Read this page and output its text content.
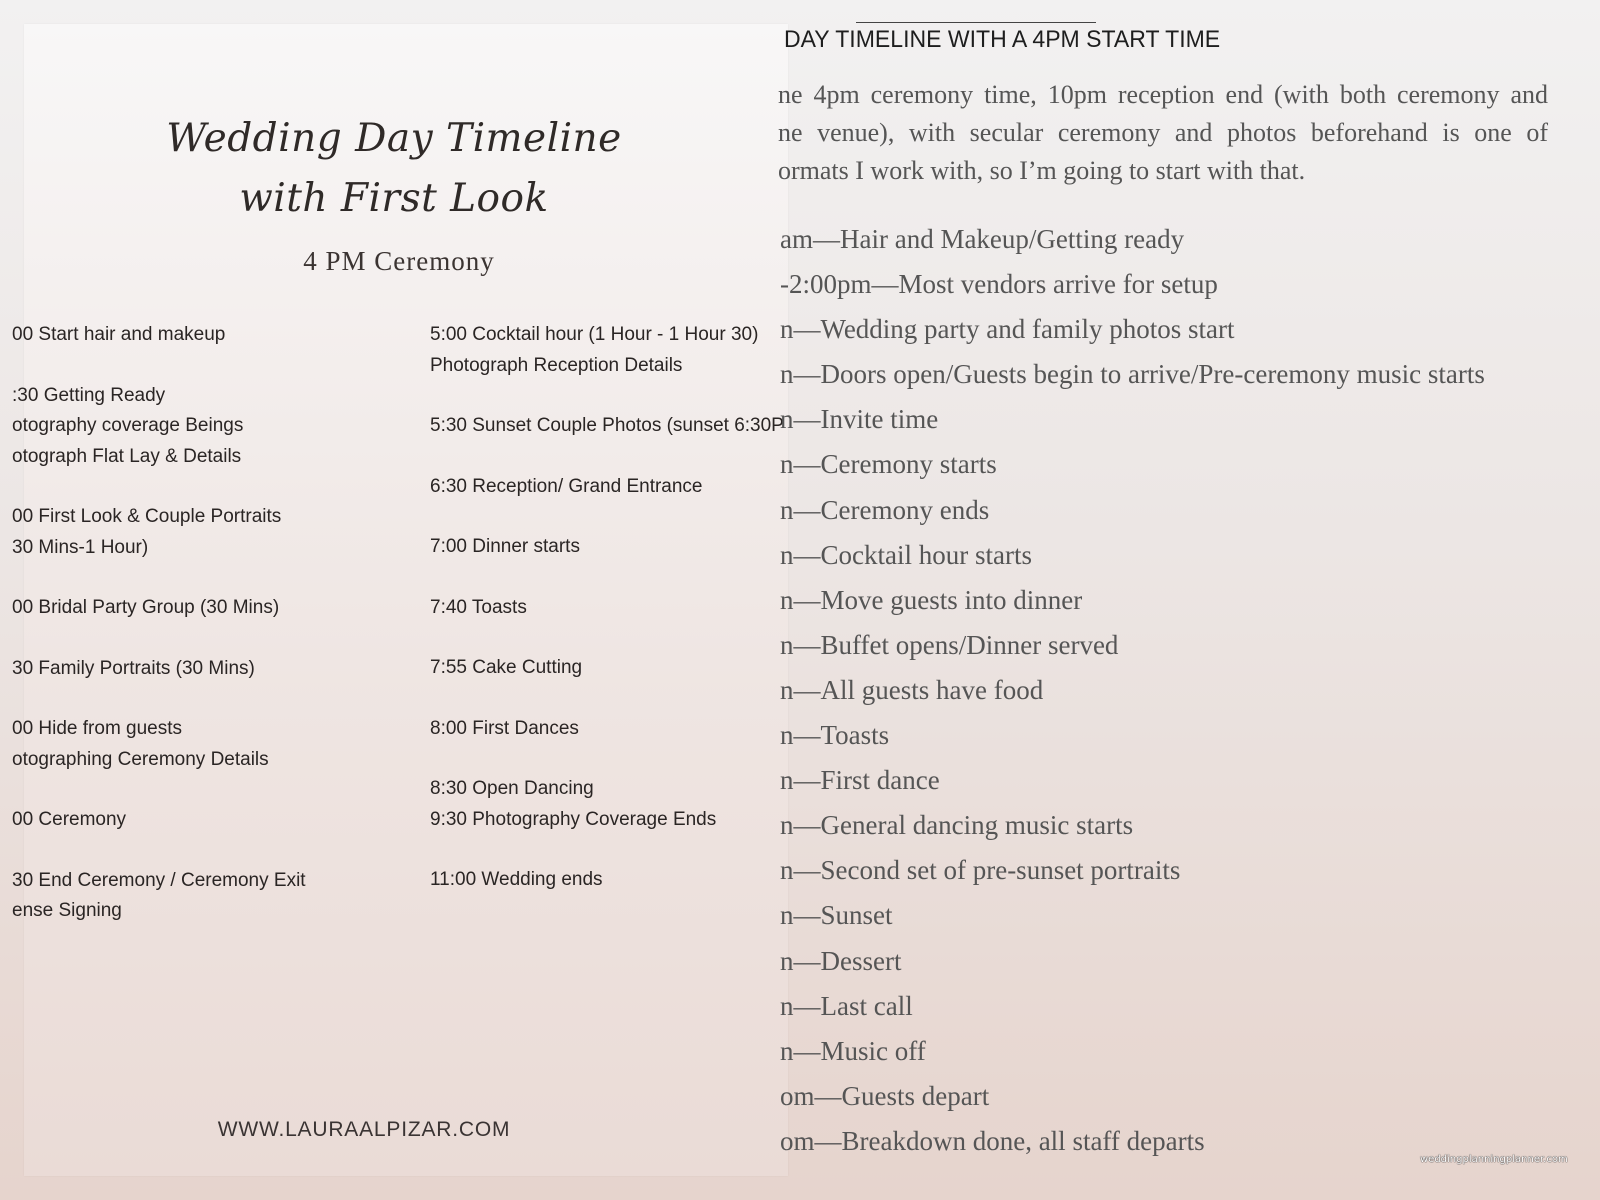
Wedding Day Timeline
with First Look
4 PM Ceremony
00 Start hair and makeup
:30 Getting Ready
otography coverage Beings
otograph Flat Lay & Details
00 First Look & Couple Portraits
30 Mins-1 Hour)
00 Bridal Party Group (30 Mins)
30 Family Portraits (30 Mins)
00 Hide from guests
otographing Ceremony Details
00 Ceremony
30 End Ceremony / Ceremony Exit
ense Signing
5:00 Cocktail hour (1 Hour - 1 Hour 30)
Photograph Reception Details
5:30 Sunset Couple Photos (sunset 6:30P
6:30 Reception/ Grand Entrance
7:00 Dinner starts
7:40 Toasts
7:55 Cake Cutting
8:00 First Dances
8:30 Open Dancing
9:30 Photography Coverage Ends
11:00 Wedding ends
WWW.LAURAALPIZAR.COM
DAY TIMELINE WITH A 4PM START TIME
ne 4pm ceremony time, 10pm reception end (with both ceremony and
ne venue), with secular ceremony and photos beforehand is one of
ormats I work with, so I’m going to start with that.
am—Hair and Makeup/Getting ready
-2:00pm—Most vendors arrive for setup
n—Wedding party and family photos start
n—Doors open/Guests begin to arrive/Pre-ceremony music starts
n—Invite time
n—Ceremony starts
n—Ceremony ends
n—Cocktail hour starts
n—Move guests into dinner
n—Buffet opens/Dinner served
n—All guests have food
n—Toasts
n—First dance
n—General dancing music starts
n—Second set of pre-sunset portraits
n—Sunset
n—Dessert
n—Last call
n—Music off
om—Guests depart
om—Breakdown done, all staff departs
weddingplanningplanner.com
